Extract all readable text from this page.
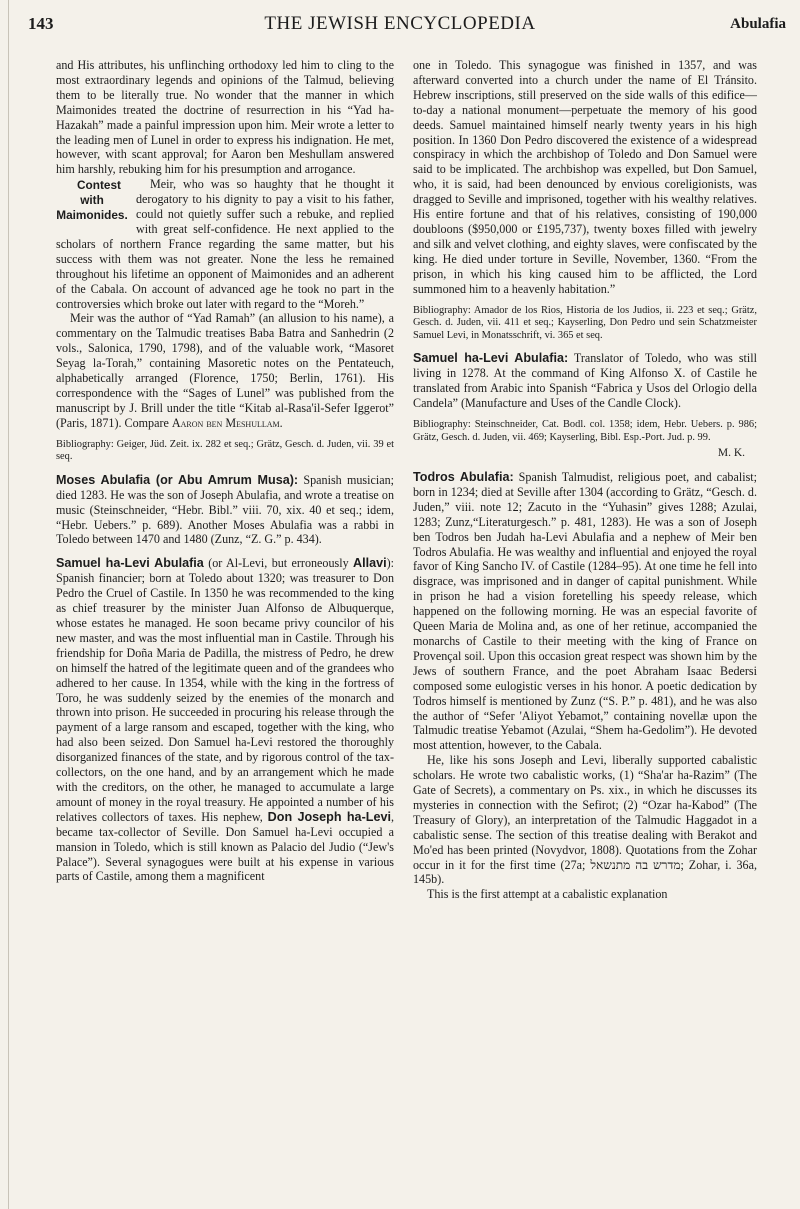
143	THE JEWISH ENCYCLOPEDIA	Abulafia

and His attributes, his unflinching orthodoxy led him to cling to the most extraordinary legends and opinions of the Talmud, believing them to be literally true. No wonder that the manner in which Maimonides treated the doctrine of resurrection in his “Yad ha-Hazakah” made a painful impression upon him. Meir wrote a letter to the leading men of Lunel in order to express his indignation. He met, however, with scant approval; for Aaron ben Meshullam answered him harshly, rebuking him for his presumption and arrogance.

Contest with Maimonides.
Meir, who was so haughty that he thought it derogatory to his dignity to pay a visit to his father, could not quietly suffer such a rebuke, and replied with great self-confidence. He next applied to the scholars of northern France regarding the same matter, but his success with them was not greater. None the less he remained throughout his lifetime an opponent of Maimonides and an adherent of the Cabala. On account of advanced age he took no part in the controversies which broke out later with regard to the “Moreh.”

Meir was the author of “Yad Ramah” (an allusion to his name), a commentary on the Talmudic treatises Baba Batra and Sanhedrin (2 vols., Salonica, 1790, 1798), and of the valuable work, “Masoret Seyag la-Torah,” containing Masoretic notes on the Pentateuch, alphabetically arranged (Florence, 1750; Berlin, 1761). His correspondence with the “Sages of Lunel” was published from the manuscript by J. Brill under the title “Kitab al-Rasa'il-Sefer Iggerot” (Paris, 1871). Compare Aaron ben Meshullam.

Bibliography: Geiger, Jüd. Zeit. ix. 282 et seq.; Grätz, Gesch. d. Juden, vii. 39 et seq.

Moses Abulafia (or Abu Amrum Musa): Spanish musician; died 1283. He was the son of Joseph Abulafia, and wrote a treatise on music (Steinschneider, “Hebr. Bibl.” viii. 70, xix. 40 et seq.; idem, “Hebr. Uebers.” p. 689). Another Moses Abulafia was a rabbi in Toledo between 1470 and 1480 (Zunz, “Z. G.” p. 434).

Samuel ha-Levi Abulafia (or Al-Levi, but erroneously Allavi): Spanish financier; born at Toledo about 1320; was treasurer to Don Pedro the Cruel of Castile. In 1350 he was recommended to the king as chief treasurer by the minister Juan Alfonso de Albuquerque, whose estates he managed. He soon became privy councilor of his new master, and was the most influential man in Castile. Through his friendship for Doña Maria de Padilla, the mistress of Pedro, he drew on himself the hatred of the legitimate queen and of the grandees who adhered to her cause. In 1354, while with the king in the fortress of Toro, he was suddenly seized by the enemies of the monarch and thrown into prison. He succeeded in procuring his release through the payment of a large ransom and escaped, together with the king, who had also been seized. Don Samuel ha-Levi restored the thoroughly disorganized finances of the state, and by rigorous control of the tax-collectors, on the one hand, and by an arrangement which he made with the creditors, on the other, he managed to accumulate a large amount of money in the royal treasury. He appointed a number of his relatives collectors of taxes. His nephew, Don Joseph ha-Levi, became tax-collector of Seville. Don Samuel ha-Levi occupied a mansion in Toledo, which is still known as Palacio del Judio (“Jew's Palace”). Several synagogues were built at his expense in various parts of Castile, among them a magnificent

one in Toledo. This synagogue was finished in 1357, and was afterward converted into a church under the name of El Tránsito. Hebrew inscriptions, still preserved on the side walls of this edifice—to-day a national monument—perpetuate the memory of his good deeds. Samuel maintained himself nearly twenty years in his high position. In 1360 Don Pedro discovered the existence of a widespread conspiracy in which the archbishop of Toledo and Don Samuel were said to be implicated. The archbishop was expelled, but Don Samuel, who, it is said, had been denounced by envious coreligionists, was dragged to Seville and imprisoned, together with his wealthy relatives. His entire fortune and that of his relatives, consisting of 190,000 doubloons ($950,000 or £195,737), twenty boxes filled with jewelry and silk and velvet clothing, and eighty slaves, were confiscated by the king. He died under torture in Seville, November, 1360. “From the prison, in which his king caused him to be afflicted, the Lord summoned him to a heavenly habitation.”

Bibliography: Amador de los Rios, Historia de los Judios, ii. 223 et seq.; Grätz, Gesch. d. Juden, vii. 411 et seq.; Kayserling, Don Pedro und sein Schatzmeister Samuel Levi, in Monatsschrift, vi. 365 et seq.

Samuel ha-Levi Abulafia: Translator of Toledo, who was still living in 1278. At the command of King Alfonso X. of Castile he translated from Arabic into Spanish “Fabrica y Usos del Orlogio della Candela” (Manufacture and Uses of the Candle Clock).

Bibliography: Steinschneider, Cat. Bodl. col. 1358; idem, Hebr. Uebers. p. 986; Grätz, Gesch. d. Juden, vii. 469; Kayserling, Bibl. Esp.-Port. Jud. p. 99.

M. K.

Todros Abulafia: Spanish Talmudist, religious poet, and cabalist; born in 1234; died at Seville after 1304 (according to Grätz, “Gesch. d. Juden,” viii. note 12; Zacuto in the “Yuhasin” gives 1288; Azulai, 1283; Zunz,“Literaturgesch.” p. 481, 1283). He was a son of Joseph ben Todros ben Judah ha-Levi Abulafia and a nephew of Meir ben Todros Abulafia. He was wealthy and influential and enjoyed the royal favor of King Sancho IV. of Castile (1284–95). At one time he fell into disgrace, was imprisoned and in danger of capital punishment. While in prison he had a vision foretelling his speedy release, which happened on the following morning. He was an especial favorite of Queen Maria de Molina and, as one of her retinue, accompanied the monarchs of Castile to their meeting with the king of France on Provençal soil. Upon this occasion great respect was shown him by the Jews of southern France, and the poet Abraham Isaac Bedersi composed some eulogistic verses in his honor. A poetic dedication by Todros himself is mentioned by Zunz (“S. P.” p. 481), and he was also the author of “Sefer 'Aliyot Yebamot,” containing novellæ upon the Talmudic treatise Yebamot (Azulai, “Shem ha-Gedolim”). He devoted most attention, however, to the Cabala.

He, like his sons Joseph and Levi, liberally supported cabalistic scholars. He wrote two cabalistic works, (1) “Sha'ar ha-Razim” (The Gate of Secrets), a commentary on Ps. xix., in which he discusses its mysteries in connection with the Sefirot; (2) “Ozar ha-Kabod” (The Treasury of Glory), an interpretation of the Talmudic Haggadot in a cabalistic sense. The section of this treatise dealing with Berakot and Mo'ed has been printed (Novydvor, 1808). Quotations from the Zohar occur in it for the first time (27a; מדרש בה מתנשאל; Zohar, i. 36a, 145b).

This is the first attempt at a cabalistic explanation
